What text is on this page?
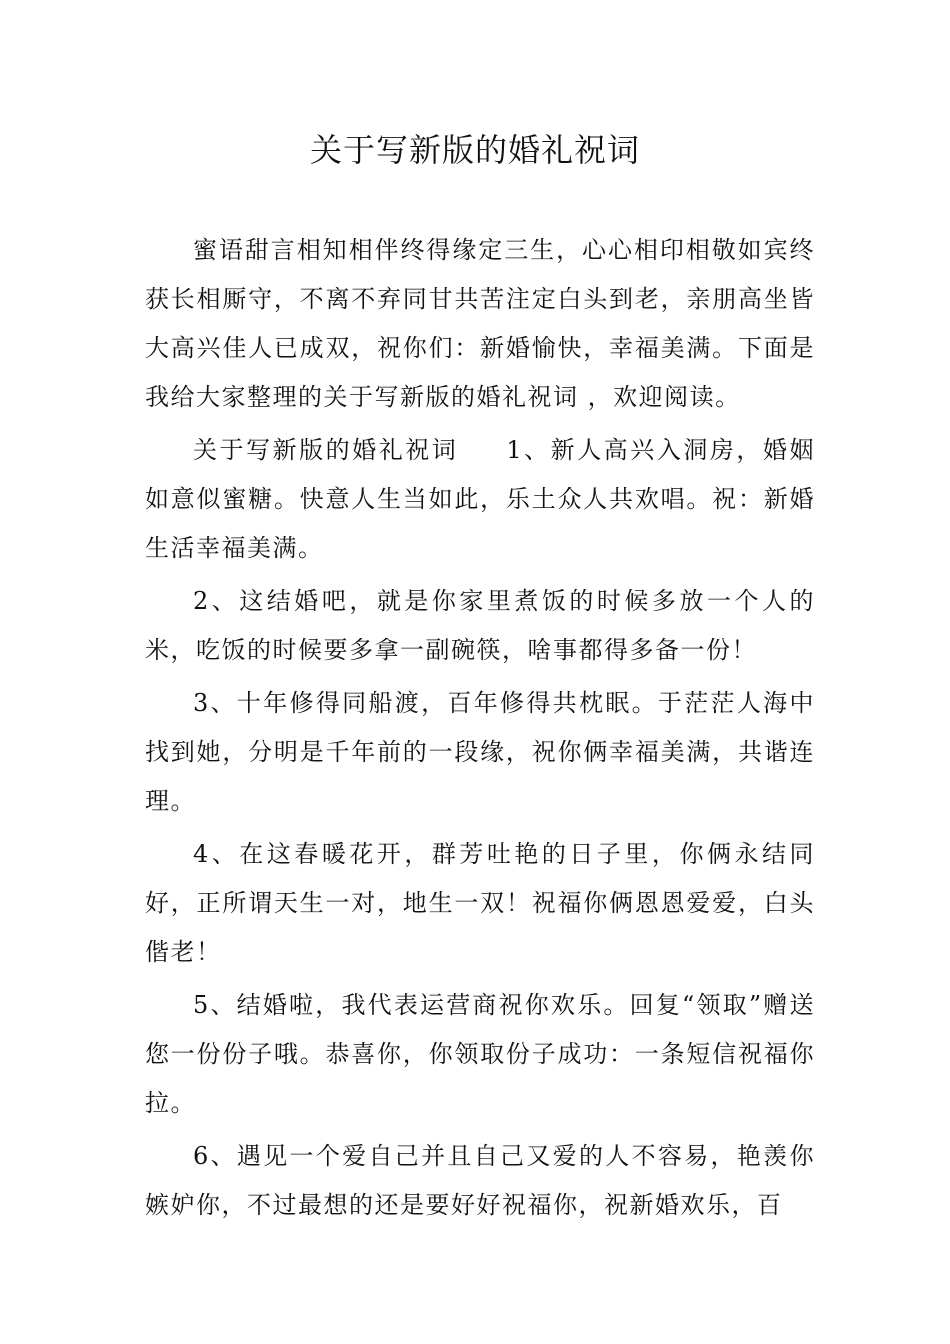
关于写新版的婚礼祝词

蜜语甜言相知相伴终得缘定三生，心心相印相敬如宾终获长相厮守，不离不弃同甘共苦注定白头到老，亲朋高坐皆大高兴佳人已成双，祝你们：新婚愉快，幸福美满。下面是我给大家整理的关于写新版的婚礼祝词 ，欢迎阅读。

关于写新版的婚礼祝词 1、新人高兴入洞房，婚姻如意似蜜糖。快意人生当如此，乐土众人共欢唱。祝：新婚生活幸福美满。

2、这结婚吧，就是你家里煮饭的时候多放一个人的米，吃饭的时候要多拿一副碗筷，啥事都得多备一份！

3、十年修得同船渡，百年修得共枕眠。于茫茫人海中找到她，分明是千年前的一段缘，祝你俩幸福美满，共谐连理。

4、在这春暖花开，群芳吐艳的日子里，你俩永结同好，正所谓天生一对，地生一双！祝福你俩恩恩爱爱，白头偕老！

5、结婚啦，我代表运营商祝你欢乐。回复“领取”赠送您一份份子哦。恭喜你，你领取份子成功：一条短信祝福你拉。

6、遇见一个爱自己并且自己又爱的人不容易，艳羡你嫉妒你，不过最想的还是要好好祝福你，祝新婚欢乐，百
